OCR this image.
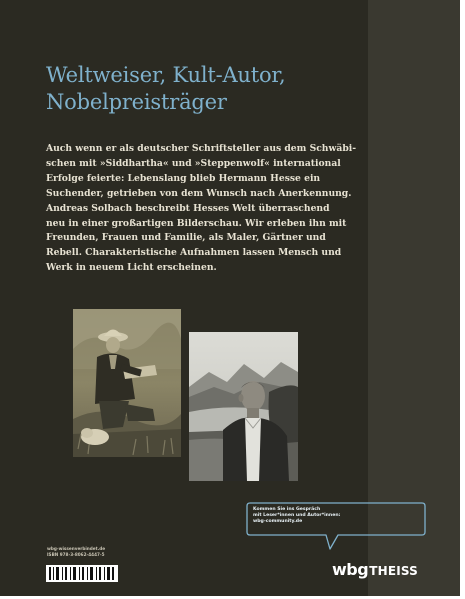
Weltweiser, Kult-Autor,
Nobelpreisträger
Auch wenn er als deutscher Schriftsteller aus dem Schwäbi-
schen mit »Siddhartha« und »Steppenwolf« international
Erfolge feierte: Lebenslang blieb Hermann Hesse ein
Suchender, getrieben von dem Wunsch nach Anerkennung.
Andreas Solbach beschreibt Hesses Welt überraschend
neu in einer großartigen Bilderschau. Wir erleben ihn mit
Freunden, Frauen und Familie, als Maler, Gärtner und
Rebell. Charakteristische Aufnahmen lassen Mensch und
Werk in neuem Licht erscheinen.
Kommen Sie ins Gespräch
mit Leser*innen und Autor*innen:
wbg-community.de
wbg-wissenverbindet.de
ISBN 978-3-8062-4447-5
wbgTHEISS
